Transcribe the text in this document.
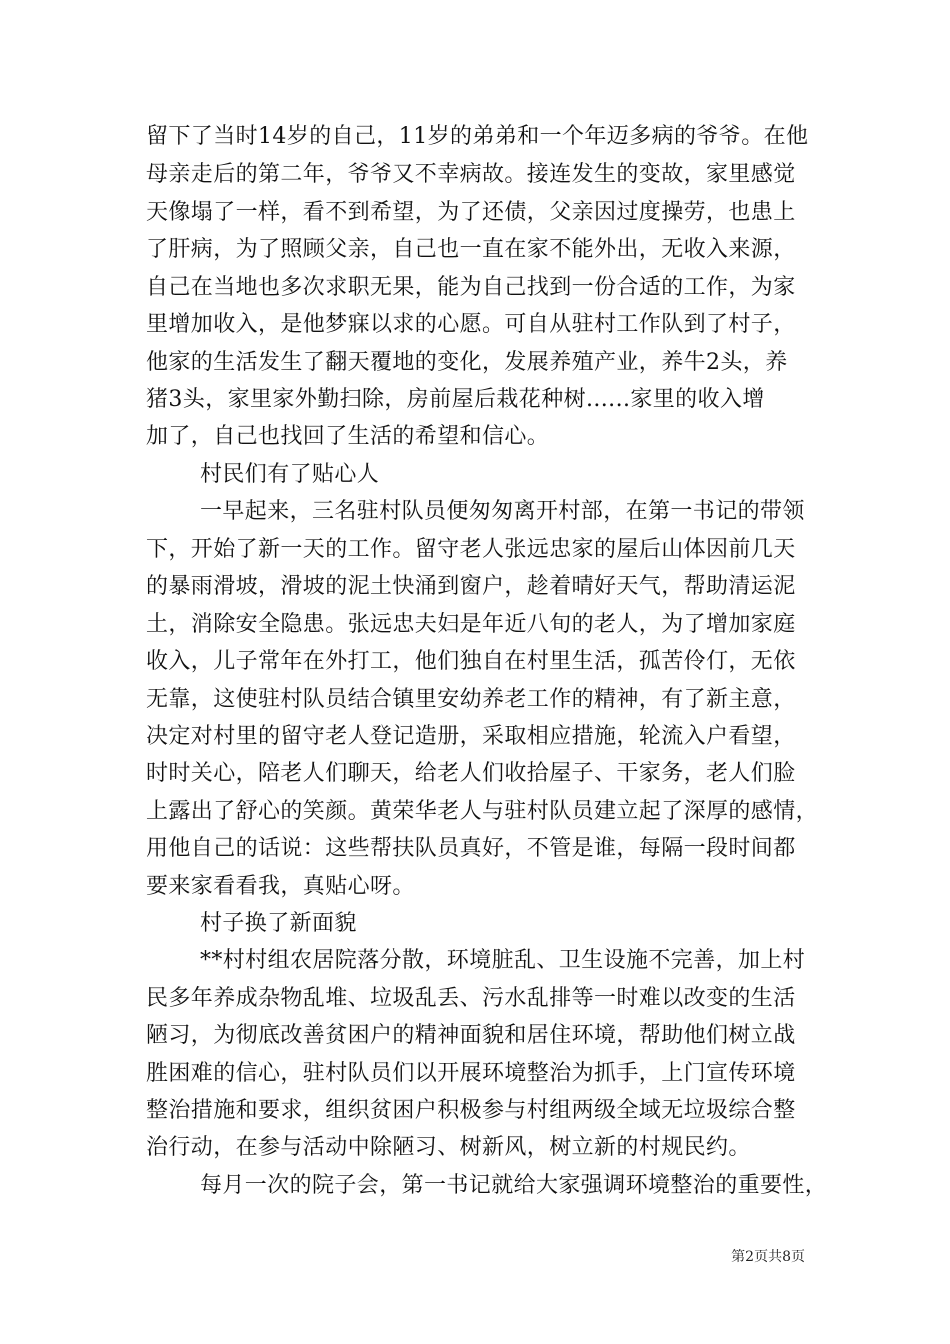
留下了当时14岁的自己，11岁的弟弟和一个年迈多病的爷爷。在他
母亲走后的第二年，爷爷又不幸病故。接连发生的变故，家里感觉
天像塌了一样，看不到希望，为了还债，父亲因过度操劳，也患上
了肝病，为了照顾父亲，自己也一直在家不能外出，无收入来源，
自己在当地也多次求职无果，能为自己找到一份合适的工作，为家
里增加收入，是他梦寐以求的心愿。可自从驻村工作队到了村子，
他家的生活发生了翻天覆地的变化，发展养殖产业，养牛2头，养
猪3头，家里家外勤扫除，房前屋后栽花种树......家里的收入增
加了，自己也找回了生活的希望和信心。
村民们有了贴心人
一早起来，三名驻村队员便匆匆离开村部，在第一书记的带领
下，开始了新一天的工作。留守老人张远忠家的屋后山体因前几天
的暴雨滑坡，滑坡的泥土快涌到窗户，趁着晴好天气，帮助清运泥
土，消除安全隐患。张远忠夫妇是年近八旬的老人，为了增加家庭
收入，儿子常年在外打工，他们独自在村里生活，孤苦伶仃，无依
无靠，这使驻村队员结合镇里安幼养老工作的精神，有了新主意，
决定对村里的留守老人登记造册，采取相应措施，轮流入户看望，
时时关心，陪老人们聊天，给老人们收拾屋子、干家务，老人们脸
上露出了舒心的笑颜。黄荣华老人与驻村队员建立起了深厚的感情，
用他自己的话说：这些帮扶队员真好，不管是谁，每隔一段时间都
要来家看看我，真贴心呀。
村子换了新面貌
**村村组农居院落分散，环境脏乱、卫生设施不完善，加上村
民多年养成杂物乱堆、垃圾乱丢、污水乱排等一时难以改变的生活
陋习，为彻底改善贫困户的精神面貌和居住环境，帮助他们树立战
胜困难的信心，驻村队员们以开展环境整治为抓手，上门宣传环境
整治措施和要求，组织贫困户积极参与村组两级全域无垃圾综合整
治行动，在参与活动中除陋习、树新风，树立新的村规民约。
每月一次的院子会，第一书记就给大家强调环境整治的重要性，
第2页共8页
